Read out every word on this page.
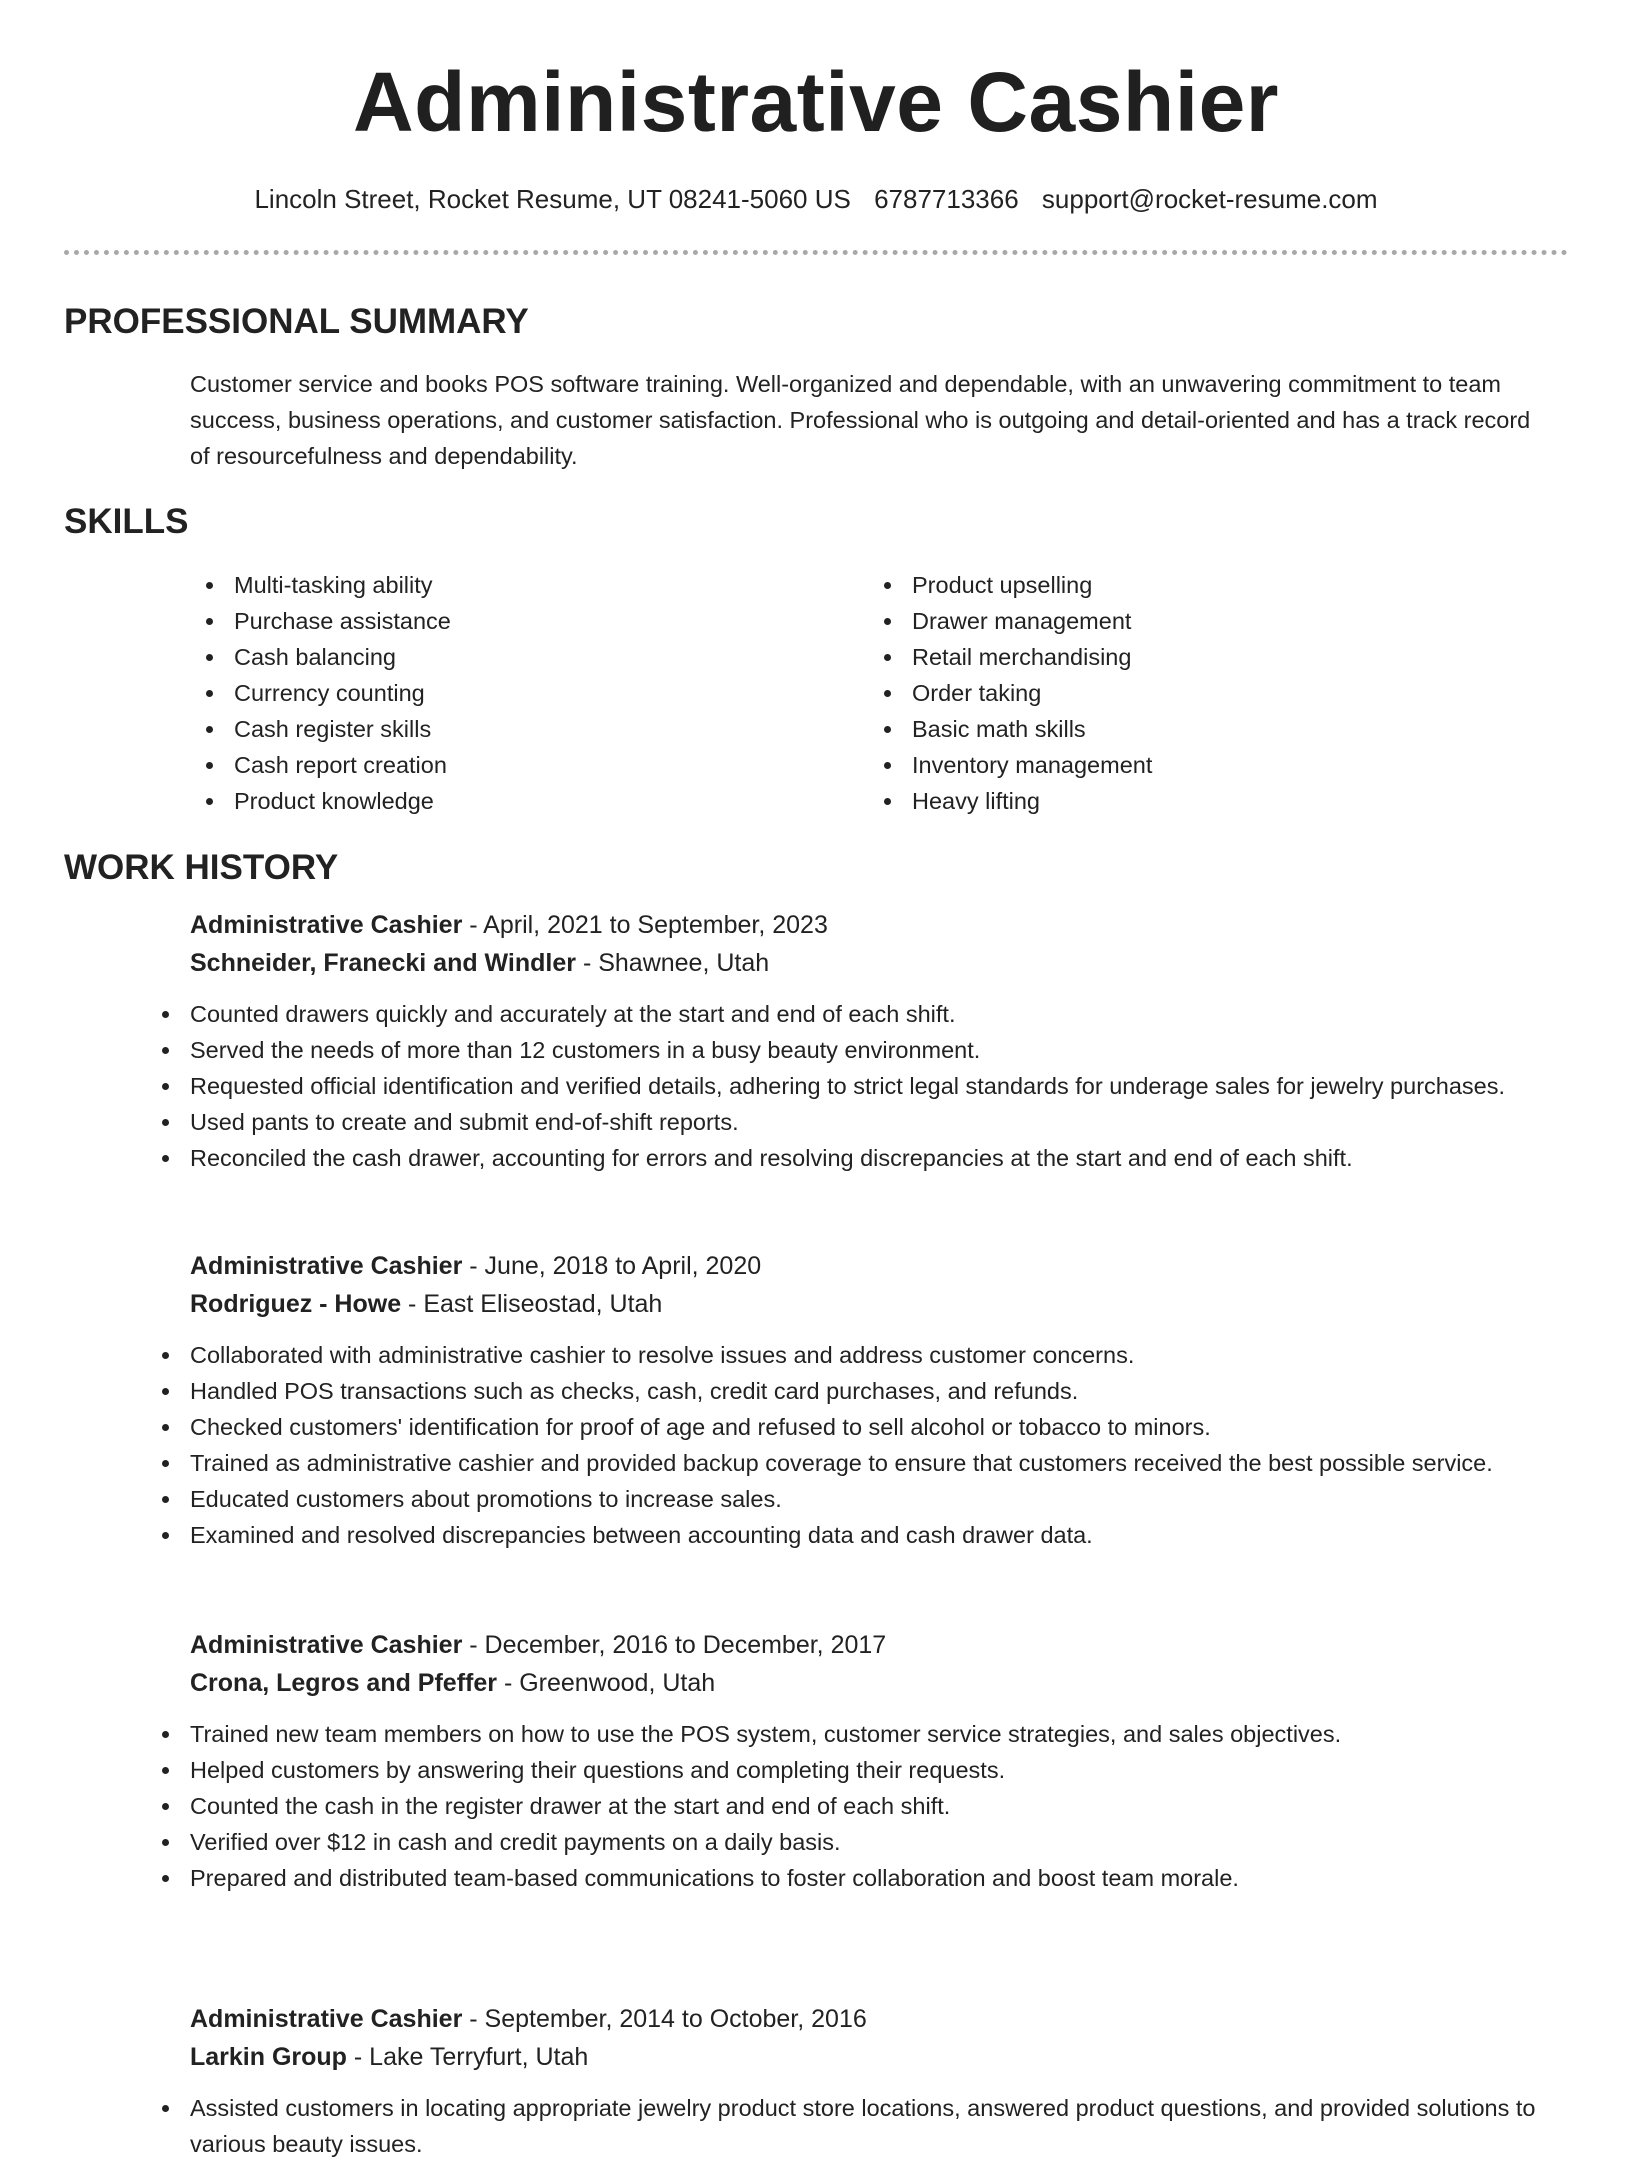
Administrative Cashier
Lincoln Street, Rocket Resume, UT 08241-5060 US 6787713366 support@rocket-resume.com
PROFESSIONAL SUMMARY
Customer service and books POS software training. Well-organized and dependable, with an unwavering commitment to team success, business operations, and customer satisfaction. Professional who is outgoing and detail-oriented and has a track record of resourcefulness and dependability.
SKILLS
Multi-tasking ability
Purchase assistance
Cash balancing
Currency counting
Cash register skills
Cash report creation
Product knowledge
Product upselling
Drawer management
Retail merchandising
Order taking
Basic math skills
Inventory management
Heavy lifting
WORK HISTORY

Administrative Cashier - April, 2021 to September, 2023

Schneider, Franecki and Windler - Shawnee, Utah

Counted drawers quickly and accurately at the start and end of each shift.
Served the needs of more than 12 customers in a busy beauty environment.
Requested official identification and verified details, adhering to strict legal standards for underage sales for jewelry purchases.
Used pants to create and submit end-of-shift reports.
Reconciled the cash drawer, accounting for errors and resolving discrepancies at the start and end of each shift.

Administrative Cashier - June, 2018 to April, 2020

Rodriguez - Howe - East Eliseostad, Utah

Collaborated with administrative cashier to resolve issues and address customer concerns.
Handled POS transactions such as checks, cash, credit card purchases, and refunds.
Checked customers' identification for proof of age and refused to sell alcohol or tobacco to minors.
Trained as administrative cashier and provided backup coverage to ensure that customers received the best possible service.
Educated customers about promotions to increase sales.
Examined and resolved discrepancies between accounting data and cash drawer data.

Administrative Cashier - December, 2016 to December, 2017

Crona, Legros and Pfeffer - Greenwood, Utah

Trained new team members on how to use the POS system, customer service strategies, and sales objectives.
Helped customers by answering their questions and completing their requests.
Counted the cash in the register drawer at the start and end of each shift.
Verified over $12 in cash and credit payments on a daily basis.
Prepared and distributed team-based communications to foster collaboration and boost team morale.

Administrative Cashier - September, 2014 to October, 2016

Larkin Group - Lake Terryfurt, Utah

Assisted customers in locating appropriate jewelry product store locations, answered product questions, and provided solutions to various beauty issues.
